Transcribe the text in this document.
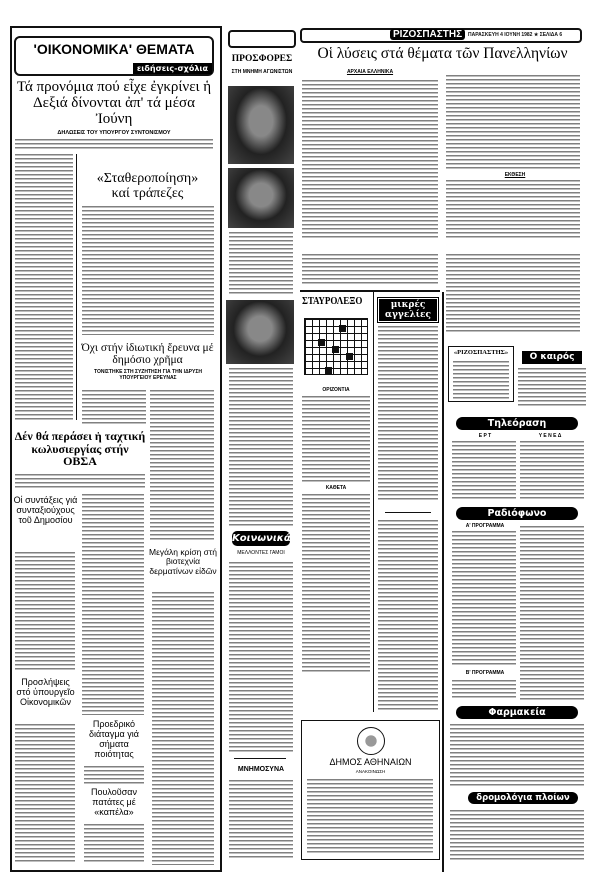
'ΟΙΚΟΝΟΜΙΚΑ' ΘΕΜΑΤΑ
ειδήσεις-σχόλια
Τά προνόμια πού εἶχε ἐγκρίνει ἡ Δεξιά δίνονται ἀπ' τά μέσα Ἰούνη
ΔΗΛΩΣΕΙΣ ΤΟΥ ΥΠΟΥΡΓΟΥ ΣΥΝΤΟΝΙΣΜΟΥ
«Σταθεροποίηση»
καί τράπεζες
Όχι στήν ἰδιωτική ἔρευνα μέ δημόσιο χρῆμα
ΤΟΝΙΣΤΗΚΕ ΣΤΗ ΣΥΖΗΤΗΣΗ ΓΙΑ ΤΗΝ ΙΔΡΥΣΗ ΥΠΟΥΡΓΕΙΟΥ ΕΡΕΥΝΑΣ
Δέν θά περάσει ἡ ταχτική κωλυσιεργίας στήν ΟΒΣΑ
Οἱ συντάξεις γιά συνταξιούχους τοῦ Δημοσίου
Μεγάλη κρίση στή βιοτεχνία δερματίνων εἰδῶν
Προσλήψεις στό ὑπουργεῖο Οἰκονομικῶν
Προεδρικό διάταγμα γιά σήματα ποιότητας
Πουλοῦσαν πατάτες μέ «καπέλα»
ΠΡΟΣΦΟΡΕΣ
ΣΤΗ ΜΝΗΜΗ ΑΓΩΝΙΣΤΩΝ
Κοινωνικά
ΜΕΛΛΟΝΤΕΣ ΓΑΜΟΙ
ΜΝΗΜΟΣΥΝΑ
ΡΙΖΟΣΠΑΣΤΗΣ	ΠΑΡΑΣΚΕΥΗ 4 ΙΟΥΝΗ 1982 ★ ΣΕΛΙΔΑ 6
Οἱ λύσεις στά θέματα τῶν Πανελληνίων
ΑΡΧΑΙΑ ΕΛΛΗΝΙΚΑ
ΕΚΘΕΣΗ
ΣΤΑΥΡΟΛΕΞΟ
ΟΡΙΖΟΝΤΙΑ
ΚΑΘΕΤΑ
μικρές αγγελίες
«ΡΙΖΟΣΠΑΣΤΗΣ»	Ο καιρός
Τηλεόραση
Ε Ρ Τ	Υ Ε Ν Ε Δ
Ραδιόφωνο
Α' ΠΡΟΓΡΑΜΜΑ
Β' ΠΡΟΓΡΑΜΜΑ
Φαρμακεία
δρομολόγια πλοίων
ΔΗΜΟΣ ΑΘΗΝΑΙΩΝ
ΑΝΑΚΟΙΝΩΣΗ
